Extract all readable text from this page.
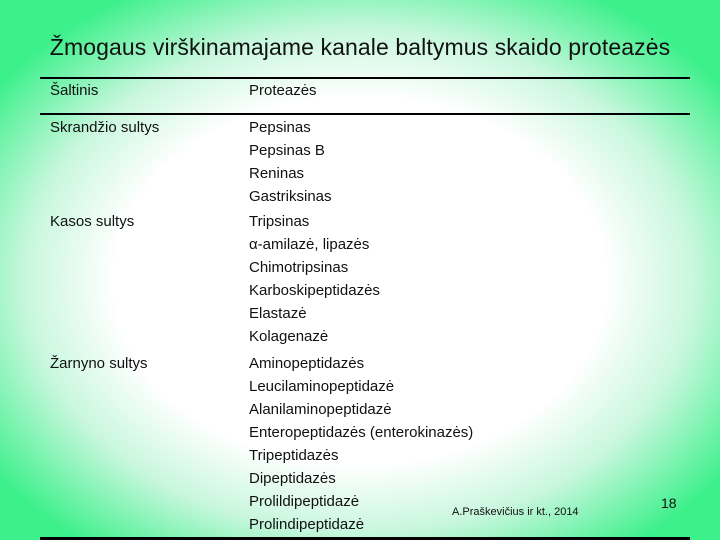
Žmogaus virškinamajame kanale baltymus skaido proteazės
Šaltinis	Proteazės
Skrandžio sultys	Pepsinas
Pepsinas B
Reninas
Gastriksinas
Kasos sultys	Tripsinas
α-amilazė, lipazės
Chimotripsinas
Karboskipeptidazės
Elastazė
Kolagenazė
Žarnyno sultys	Aminopeptidazės
Leucilaminopeptidazė
Alanilaminopeptidazė
Enteropeptidazės (enterokinazės)
Tripeptidazės
Dipeptidazės
Prolildipeptidazė
Prolindipeptidazė
A.Praškevičius ir kt., 2014
18
